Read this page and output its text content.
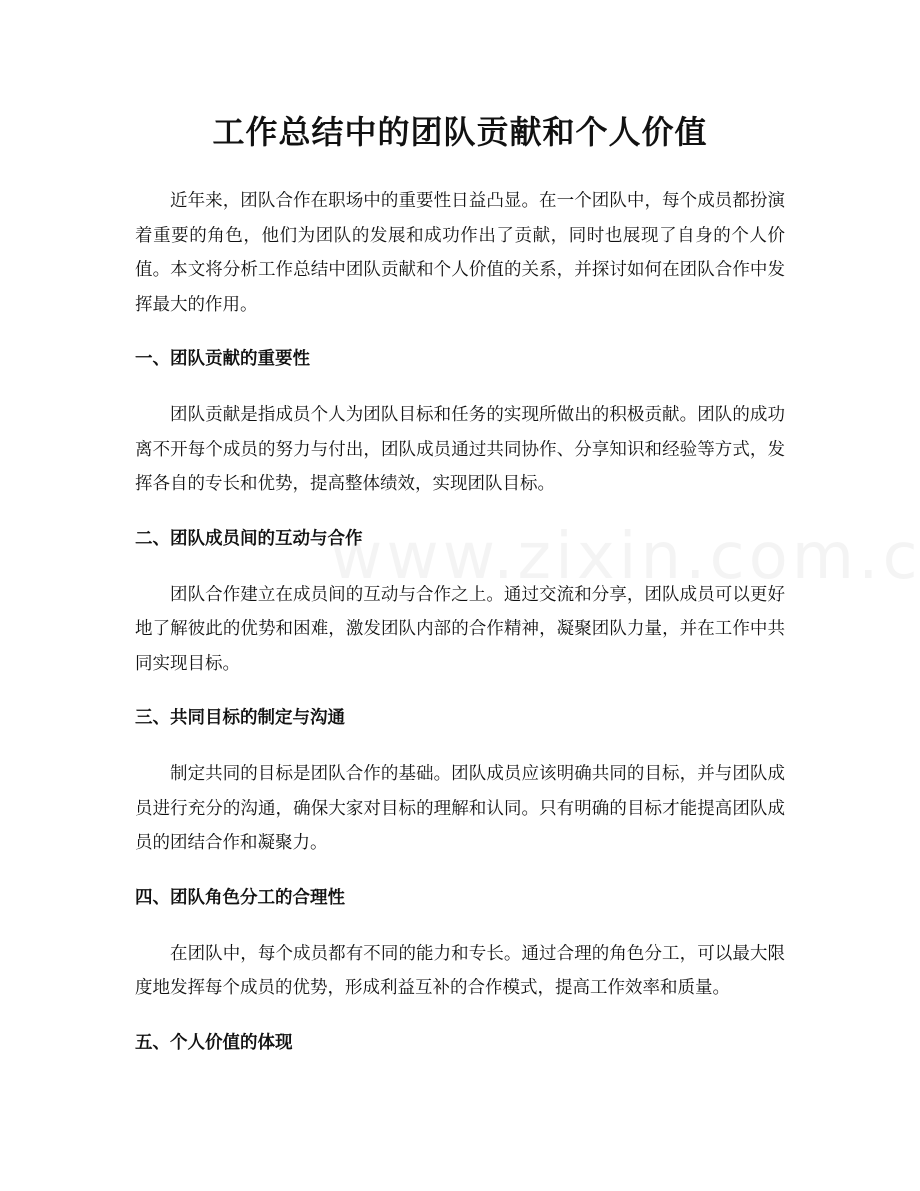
工作总结中的团队贡献和个人价值

近年来，团队合作在职场中的重要性日益凸显。在一个团队中，每个成员都扮演着重要的角色，他们为团队的发展和成功作出了贡献，同时也展现了自身的个人价值。本文将分析工作总结中团队贡献和个人价值的关系，并探讨如何在团队合作中发挥最大的作用。

一、团队贡献的重要性

团队贡献是指成员个人为团队目标和任务的实现所做出的积极贡献。团队的成功离不开每个成员的努力与付出，团队成员通过共同协作、分享知识和经验等方式，发挥各自的专长和优势，提高整体绩效，实现团队目标。

二、团队成员间的互动与合作

团队合作建立在成员间的互动与合作之上。通过交流和分享，团队成员可以更好地了解彼此的优势和困难，激发团队内部的合作精神，凝聚团队力量，并在工作中共同实现目标。

三、共同目标的制定与沟通

制定共同的目标是团队合作的基础。团队成员应该明确共同的目标，并与团队成员进行充分的沟通，确保大家对目标的理解和认同。只有明确的目标才能提高团队成员的团结合作和凝聚力。

四、团队角色分工的合理性

在团队中，每个成员都有不同的能力和专长。通过合理的角色分工，可以最大限度地发挥每个成员的优势，形成利益互补的合作模式，提高工作效率和质量。

五、个人价值的体现
